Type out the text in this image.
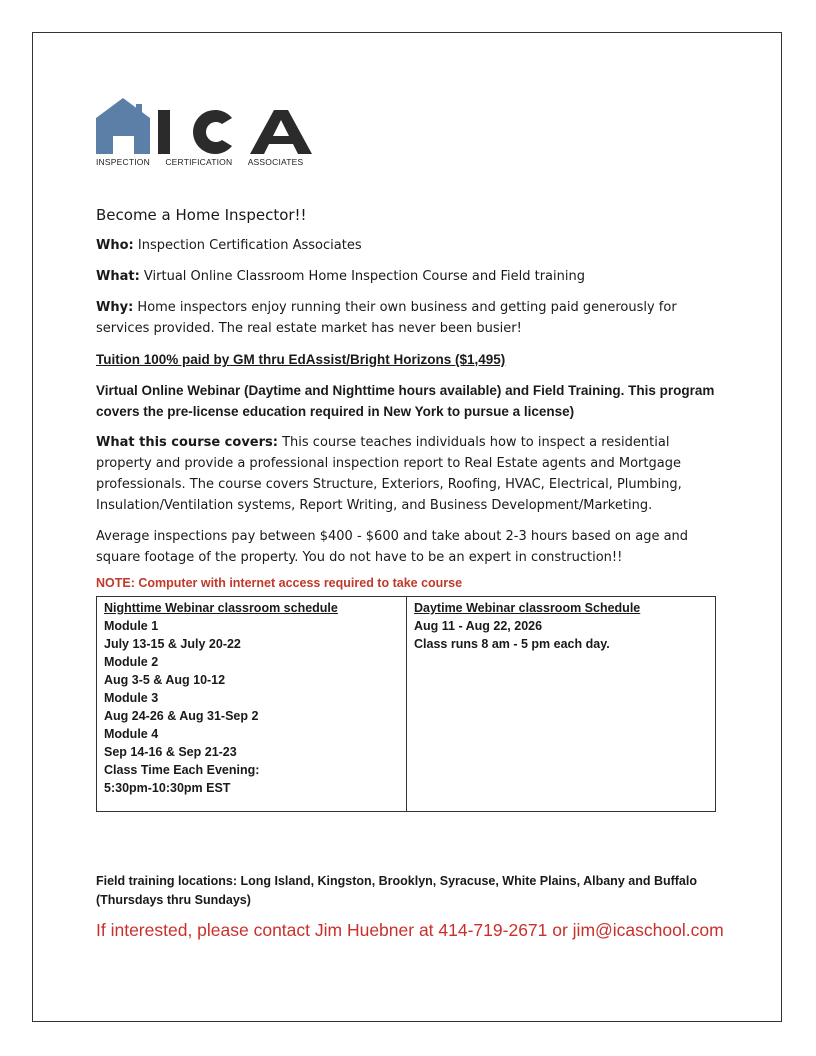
INSPECTION CERTIFICATION ASSOCIATES
Become a Home Inspector!!

Who: Inspection Certification Associates

What: Virtual Online Classroom Home Inspection Course and Field training

Why: Home inspectors enjoy running their own business and getting paid generously for services provided. The real estate market has never been busier!

Tuition 100% paid by GM thru EdAssist/Bright Horizons ($1,495)

Virtual Online Webinar (Daytime and Nighttime hours available) and Field Training. This program covers the pre-license education required in New York to pursue a license)

What this course covers: This course teaches individuals how to inspect a residential property and provide a professional inspection report to Real Estate agents and Mortgage professionals. The course covers Structure, Exteriors, Roofing, HVAC, Electrical, Plumbing, Insulation/Ventilation systems, Report Writing, and Business Development/Marketing.

Average inspections pay between $400 - $600 and take about 2-3 hours based on age and square footage of the property. You do not have to be an expert in construction!!

NOTE: Computer with internet access required to take course
Nighttime Webinar classroom schedule
Module 1
July 13-15 & July 20-22
Module 2
Aug 3-5 & Aug 10-12
Module 3
Aug 24-26 & Aug 31-Sep 2
Module 4
Sep 14-16 & Sep 21-23
Class Time Each Evening:
5:30pm-10:30pm EST

Daytime Webinar classroom Schedule
Aug 11 - Aug 22, 2026
Class runs 8 am - 5 pm each day.
Field training locations: Long Island, Kingston, Brooklyn, Syracuse, White Plains, Albany and Buffalo (Thursdays thru Sundays)
If interested, please contact Jim Huebner at 414-719-2671 or jim@icaschool.com
